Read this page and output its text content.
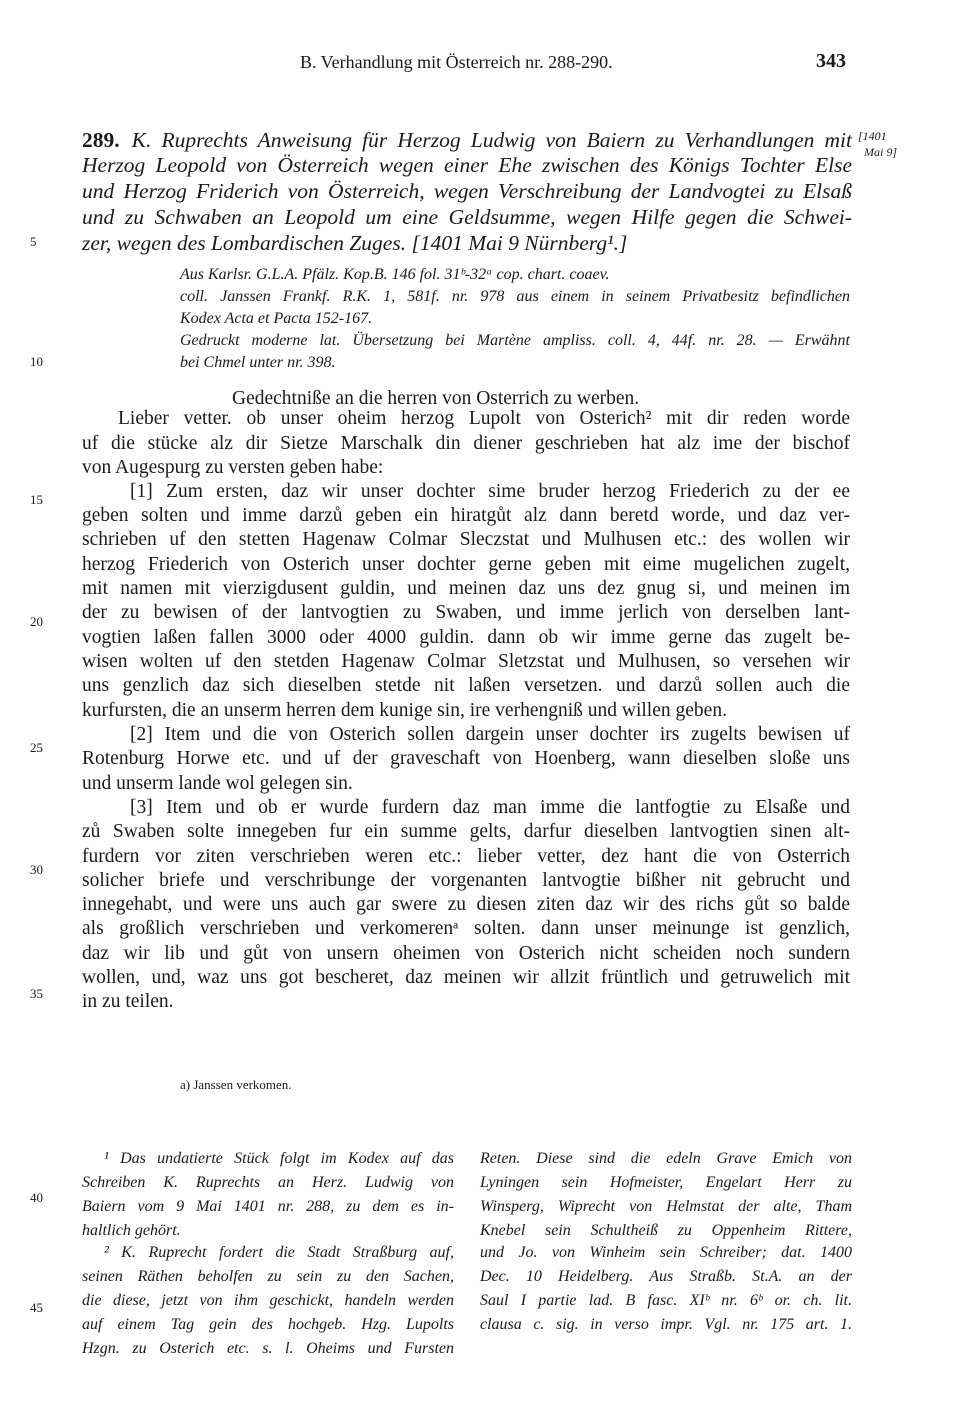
B. Verhandlung mit Österreich nr. 288-290.	343
[1401
Mai 9]
289. K. Ruprechts Anweisung für Herzog Ludwig von Baiern zu Verhandlungen mit
Herzog Leopold von Österreich wegen einer Ehe zwischen des Königs Tochter Else
und Herzog Friderich von Österreich, wegen Verschreibung der Landvogtei zu Elsaß
und zu Schwaben an Leopold um eine Geldsumme, wegen Hilfe gegen die Schwei-
zer, wegen des Lombardischen Zuges. [1401 Mai 9 Nürnberg¹.]
Aus Karlsr. G.L.A. Pfälz. Kop.B. 146 fol. 31ᵇ-32ᵃ cop. chart. coaev.
coll. Janssen Frankf. R.K. 1, 581f. nr. 978 aus einem in seinem Privatbesitz befindlichen
Kodex Acta et Pacta 152-167.
Gedruckt moderne lat. Übersetzung bei Martène ampliss. coll. 4, 44f. nr. 28. — Erwähnt
bei Chmel unter nr. 398.
Gedechtniße an die herren von Osterrich zu werben.
Lieber vetter. ob unser oheim herzog Lupolt von Osterich² mit dir reden worde
uf die stücke alz dir Sietze Marschalk din diener geschrieben hat alz ime der bischof
von Augespurg zu versten geben habe:
[1] Zum ersten, daz wir unser dochter sime bruder herzog Friederich zu der ee
geben solten und imme darzů geben ein hiratgůt alz dann beretd worde, und daz ver-
schrieben uf den stetten Hagenaw Colmar Sleczstat und Mulhusen etc.: des wollen wir
herzog Friederich von Osterich unser dochter gerne geben mit eime mugelichen zugelt,
mit namen mit vierzigdusent guldin, und meinen daz uns dez gnug si, und meinen im
der zu bewisen of der lantvogtien zu Swaben, und imme jerlich von derselben lant-
vogtien laßen fallen 3000 oder 4000 guldin. dann ob wir imme gerne das zugelt be-
wisen wolten uf den stetden Hagenaw Colmar Sletzstat und Mulhusen, so versehen wir
uns genzlich daz sich dieselben stetde nit laßen versetzen. und darzů sollen auch die
kurfursten, die an unserm herren dem kunige sin, ire verhengniß und willen geben.
[2] Item und die von Osterich sollen dargein unser dochter irs zugelts bewisen uf
Rotenburg Horwe etc. und uf der graveschaft von Hoenberg, wann dieselben sloße uns
und unserm lande wol gelegen sin.
[3] Item und ob er wurde furdern daz man imme die lantfogtie zu Elsaße und
zů Swaben solte innegeben fur ein summe gelts, darfur dieselben lantvogtien sinen alt-
furdern vor ziten verschrieben weren etc.: lieber vetter, dez hant die von Osterrich
solicher briefe und verschribunge der vorgenanten lantvogtie bißher nit gebrucht und
innegehabt, und were uns auch gar swere zu diesen ziten daz wir des richs gůt so balde
als großlich verschrieben und verkomerenᵃ solten. dann unser meinunge ist genzlich,
daz wir lib und gůt von unsern oheimen von Osterich nicht scheiden noch sundern
wollen, und, waz uns got bescheret, daz meinen wir allzit früntlich und getruwelich mit
in zu teilen.
a) Janssen verkomen.
¹ Das undatierte Stück folgt im Kodex auf das
Schreiben K. Ruprechts an Herz. Ludwig von
Baiern vom 9 Mai 1401 nr. 288, zu dem es in-
haltlich gehört.
² K. Ruprecht fordert die Stadt Straßburg auf,
seinen Räthen beholfen zu sein zu den Sachen,
die diese, jetzt von ihm geschickt, handeln werden
auf einem Tag gein des hochgeb. Hzg. Lupolts
Hzgn. zu Osterich etc. s. l. Oheims und Fursten
Reten. Diese sind die edeln Grave Emich von
Lyningen sein Hofmeister, Engelart Herr zu
Winsperg, Wiprecht von Helmstat der alte, Tham
Knebel sein Schultheiß zu Oppenheim Rittere,
und Jo. von Winheim sein Schreiber; dat. 1400
Dec. 10 Heidelberg. Aus Straßb. St.A. an der
Saul I partie lad. B fasc. XIᵇ nr. 6ᵇ or. ch. lit.
clausa c. sig. in verso impr. Vgl. nr. 175 art. 1.
5
10
15
20
25
30
35
40
45
